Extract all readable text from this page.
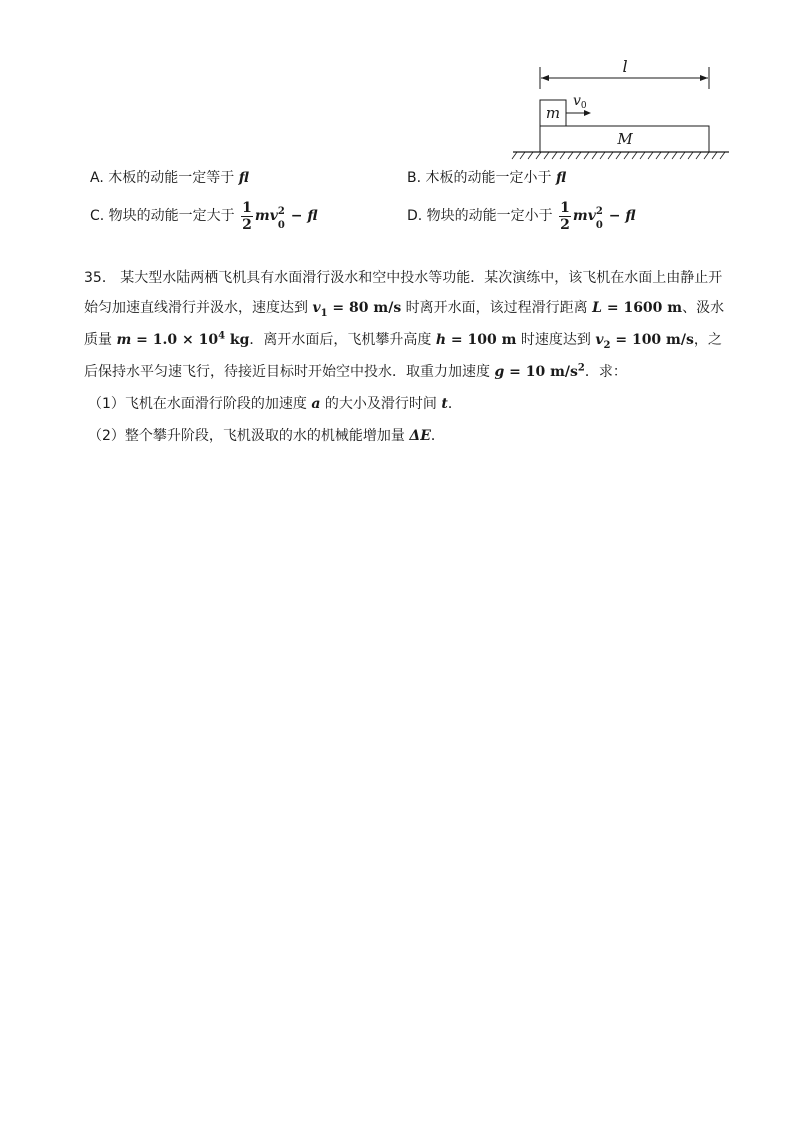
l
m
$v_0$
M
A. 木板的动能一定等于 fl	B. 木板的动能一定小于 fl
C. 物块的动能一定大于 $\frac{1}{2}$ mv 2
0
− fl	D. 物块的动能一定小于 $\frac{1}{2}$ mv 2
0
− fl
35． 某大型水陆两栖飞机具有水面滑行汲水和空中投水等功能．某次演练中，该飞机在水面上由静止开
始匀加速直线滑行并汲水，速度达到 $v_1 = 80$ m/s 时离开水面，该过程滑行距离 L = 1600 m、汲水
质量 $m = 1.0 \times 10^4$ kg．离开水面后，飞机攀升高度 h = 100 m 时速度达到 $v_2 = 100$ m/s，之
后保持水平匀速飞行，待接近目标时开始空中投水．取重力加速度 g = 10 $m/s^2$．求：
（1）飞机在水面滑行阶段的加速度 a 的大小及滑行时间 t．
（2）整个攀升阶段，飞机汲取的水的机械能增加量 ΔE．
